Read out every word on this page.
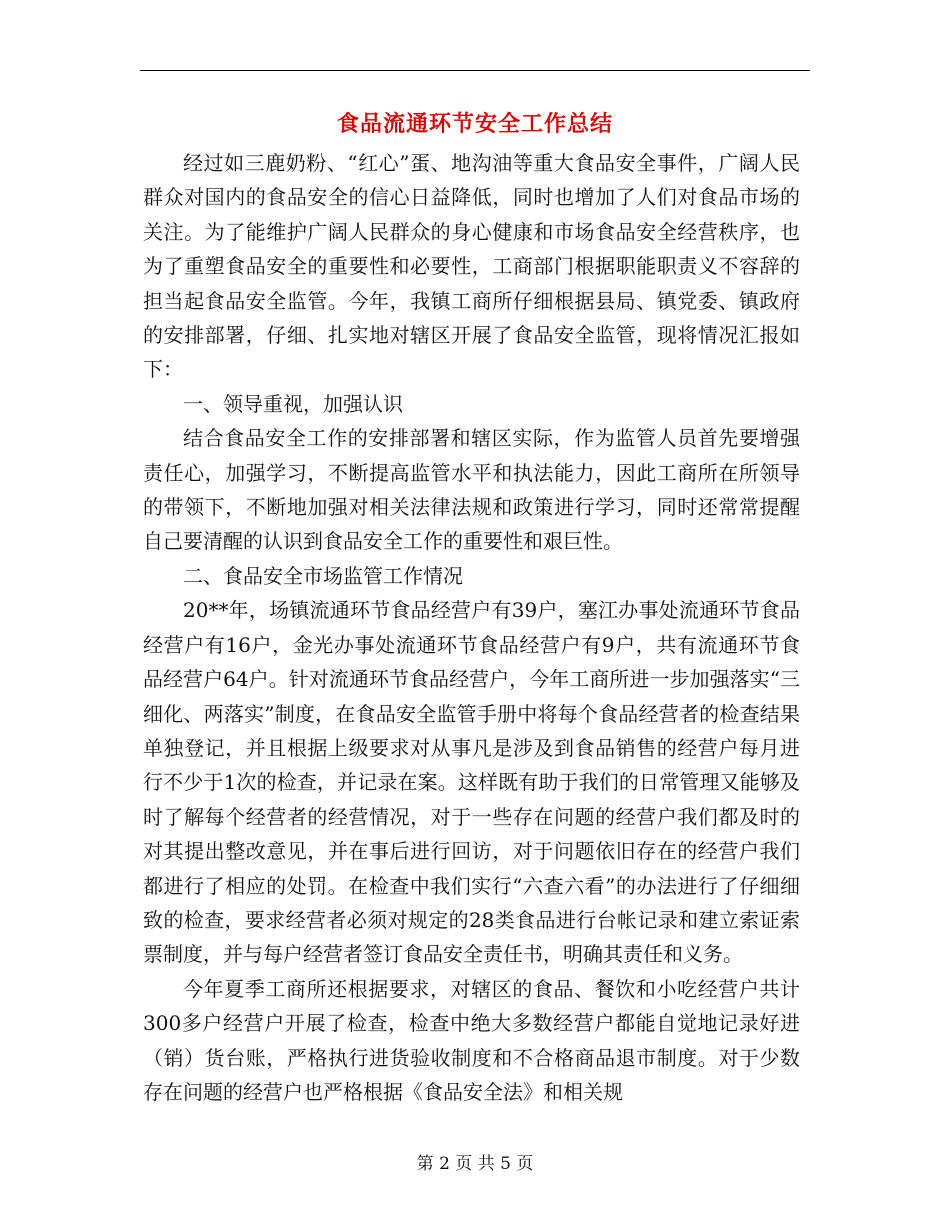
食品流通环节安全工作总结

经过如三鹿奶粉、“红心”蛋、地沟油等重大食品安全事件，广阔人民群众对国内的食品安全的信心日益降低，同时也增加了人们对食品市场的关注。为了能维护广阔人民群众的身心健康和市场食品安全经营秩序，也为了重塑食品安全的重要性和必要性，工商部门根据职能职责义不容辞的担当起食品安全监管。今年，我镇工商所仔细根据县局、镇党委、镇政府的安排部署，仔细、扎实地对辖区开展了食品安全监管，现将情况汇报如下：

一、领导重视，加强认识

结合食品安全工作的安排部署和辖区实际，作为监管人员首先要增强责任心，加强学习，不断提高监管水平和执法能力，因此工商所在所领导的带领下，不断地加强对相关法律法规和政策进行学习，同时还常常提醒自己要清醒的认识到食品安全工作的重要性和艰巨性。

二、食品安全市场监管工作情况

20**年，场镇流通环节食品经营户有39户，塞江办事处流通环节食品经营户有16户，金光办事处流通环节食品经营户有9户，共有流通环节食品经营户64户。针对流通环节食品经营户，今年工商所进一步加强落实“三细化、两落实”制度，在食品安全监管手册中将每个食品经营者的检查结果单独登记，并且根据上级要求对从事凡是涉及到食品销售的经营户每月进行不少于1次的检查，并记录在案。这样既有助于我们的日常管理又能够及时了解每个经营者的经营情况，对于一些存在问题的经营户我们都及时的对其提出整改意见，并在事后进行回访，对于问题依旧存在的经营户我们都进行了相应的处罚。在检查中我们实行“六查六看”的办法进行了仔细细致的检查，要求经营者必须对规定的28类食品进行台帐记录和建立索证索票制度，并与每户经营者签订食品安全责任书，明确其责任和义务。

今年夏季工商所还根据要求，对辖区的食品、餐饮和小吃经营户共计300多户经营户开展了检查，检查中绝大多数经营户都能自觉地记录好进（销）货台账，严格执行进货验收制度和不合格商品退市制度。对于少数存在问题的经营户也严格根据《食品安全法》和相关规

第 2 页 共 5 页
